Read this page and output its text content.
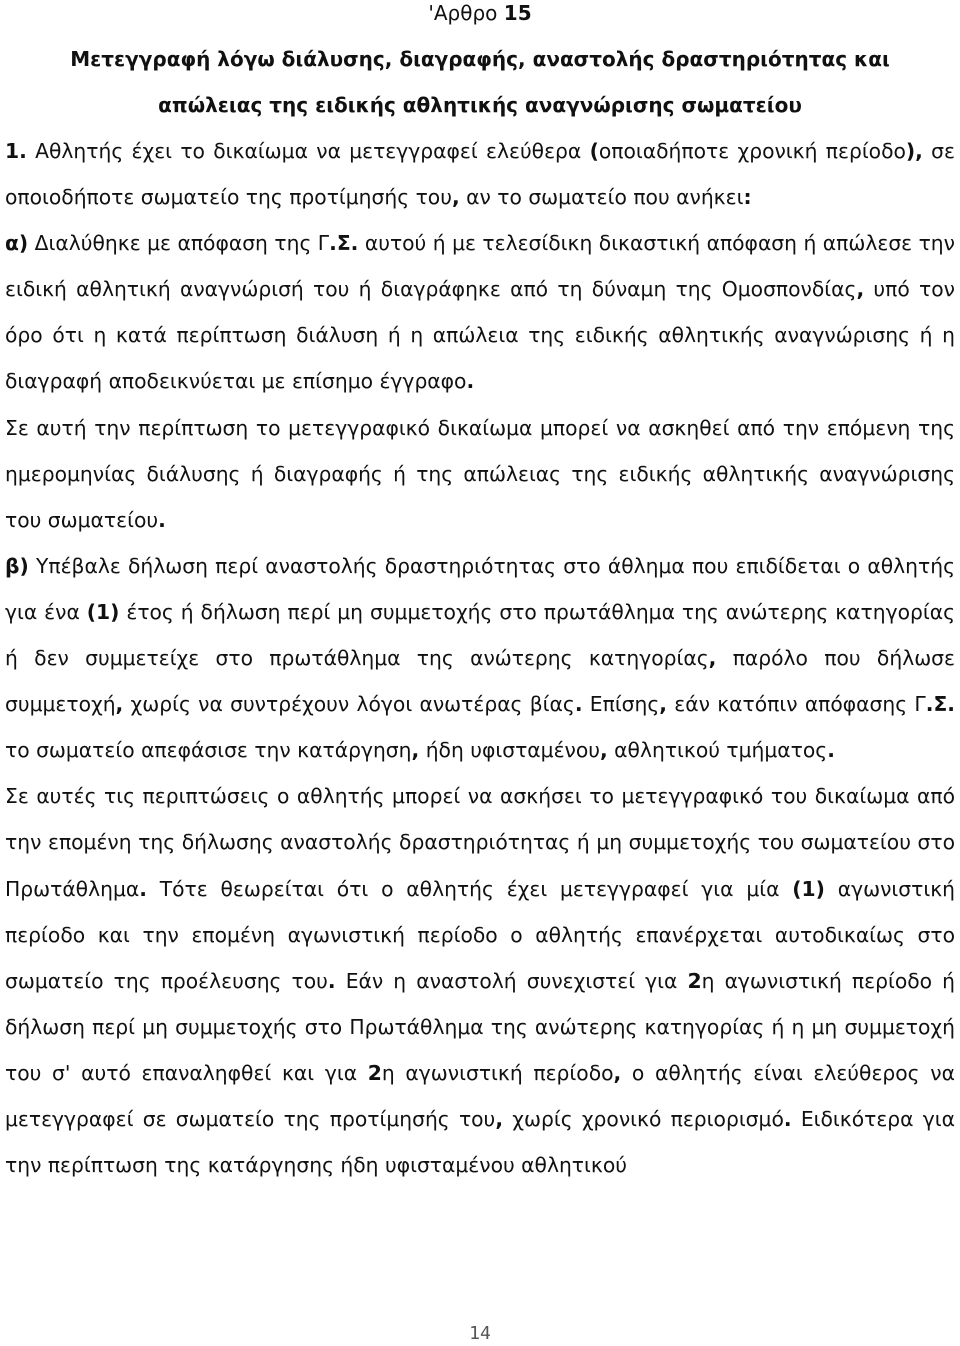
'Αρθρο 15
Μετεγγραφή λόγω διάλυσης, διαγραφής, αναστολής δραστηριότητας και
απώλειας της ειδικής αθλητικής αναγνώρισης σωματείου

1. Αθλητής έχει το δικαίωμα να μετεγγραφεί ελεύθερα (οποιαδήποτε χρονική περίοδο), σε οποιοδήποτε σωματείο της προτίμησής του, αν το σωματείο που ανήκει:

α) Διαλύθηκε με απόφαση της Γ.Σ. αυτού ή με τελεσίδικη δικαστική απόφαση ή απώλεσε την ειδική αθλητική αναγνώρισή του ή διαγράφηκε από τη δύναμη της Ομοσπονδίας, υπό τον όρο ότι η κατά περίπτωση διάλυση ή η απώλεια της ειδικής αθλητικής αναγνώρισης ή η διαγραφή αποδεικνύεται με επίσημο έγγραφο.

Σε αυτή την περίπτωση το μετεγγραφικό δικαίωμα μπορεί να ασκηθεί από την επόμενη της ημερομηνίας διάλυσης ή διαγραφής ή της απώλειας της ειδικής αθλητικής αναγνώρισης του σωματείου.

β) Υπέβαλε δήλωση περί αναστολής δραστηριότητας στο άθλημα που επιδίδεται ο αθλητής για ένα (1) έτος ή δήλωση περί μη συμμετοχής στο πρωτάθλημα της ανώτερης κατηγορίας ή δεν συμμετείχε στο πρωτάθλημα της ανώτερης κατηγορίας, παρόλο που δήλωσε συμμετοχή, χωρίς να συντρέχουν λόγοι ανωτέρας βίας. Επίσης, εάν κατόπιν απόφασης Γ.Σ. το σωματείο απεφάσισε την κατάργηση, ήδη υφισταμένου, αθλητικού τμήματος.

Σε αυτές τις περιπτώσεις ο αθλητής μπορεί να ασκήσει το μετεγγραφικό του δικαίωμα από την επομένη της δήλωσης αναστολής δραστηριότητας ή μη συμμετοχής του σωματείου στο Πρωτάθλημα. Τότε θεωρείται ότι ο αθλητής έχει μετεγγραφεί για μία (1) αγωνιστική περίοδο και την επομένη αγωνιστική περίοδο ο αθλητής επανέρχεται αυτοδικαίως στο σωματείο της προέλευσης του. Εάν η αναστολή συνεχιστεί για 2η αγωνιστική περίοδο ή δήλωση περί μη συμμετοχής στο Πρωτάθλημα της ανώτερης κατηγορίας ή η μη συμμετοχή του σ' αυτό επαναληφθεί και για 2η αγωνιστική περίοδο, ο αθλητής είναι ελεύθερος να μετεγγραφεί σε σωματείο της προτίμησής του, χωρίς χρονικό περιορισμό. Ειδικότερα για την περίπτωση της κατάργησης ήδη υφισταμένου αθλητικού

14
